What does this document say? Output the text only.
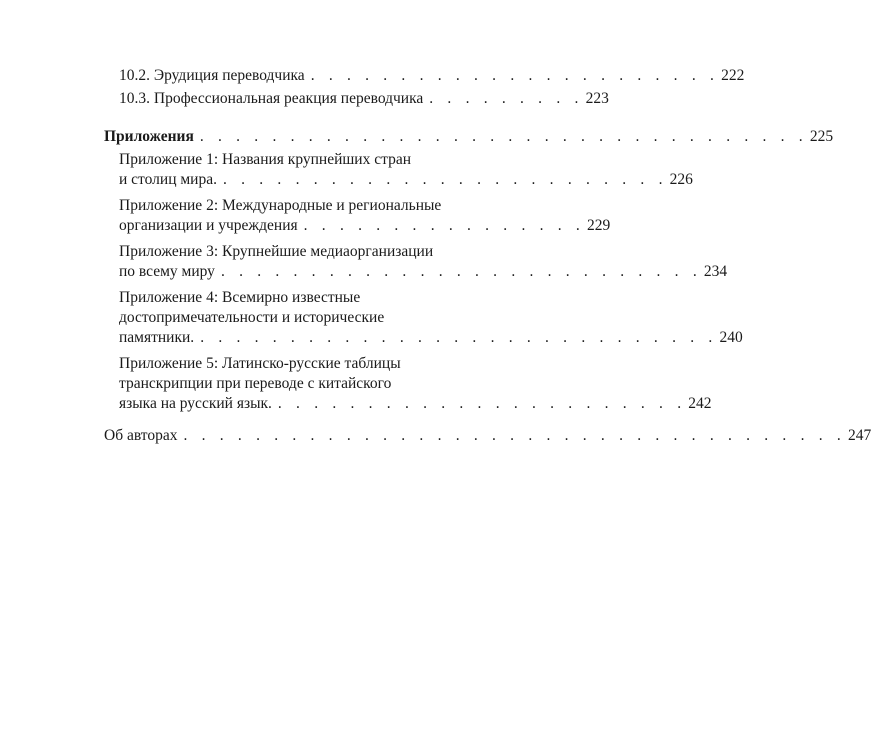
10.2. Эрудиция переводчика . . . . . . . . . . . . . . . . . . . . . . . 222
10.3. Профессиональная реакция переводчика . . . . . . . . . 223
Приложения . . . . . . . . . . . . . . . . . . . . . . . . . . . . . . . . . . 225
Приложение 1: Названия крупнейших стран
и столиц мира. . . . . . . . . . . . . . . . . . . . . . . . . . 226
Приложение 2: Международные и региональные
организации и учреждения . . . . . . . . . . . . . . . . 229
Приложение 3: Крупнейшие медиаорганизации
по всему миру . . . . . . . . . . . . . . . . . . . . . . . . . . . 234
Приложение 4: Всемирно известные
достопримечательности и исторические
памятники. . . . . . . . . . . . . . . . . . . . . . . . . . . . . . 240
Приложение 5: Латинско-русские таблицы
транскрипции при переводе с китайского
языка на русский язык. . . . . . . . . . . . . . . . . . . . . . . . 242
Об авторах . . . . . . . . . . . . . . . . . . . . . . . . . . . . . . . . . . . . . 247
